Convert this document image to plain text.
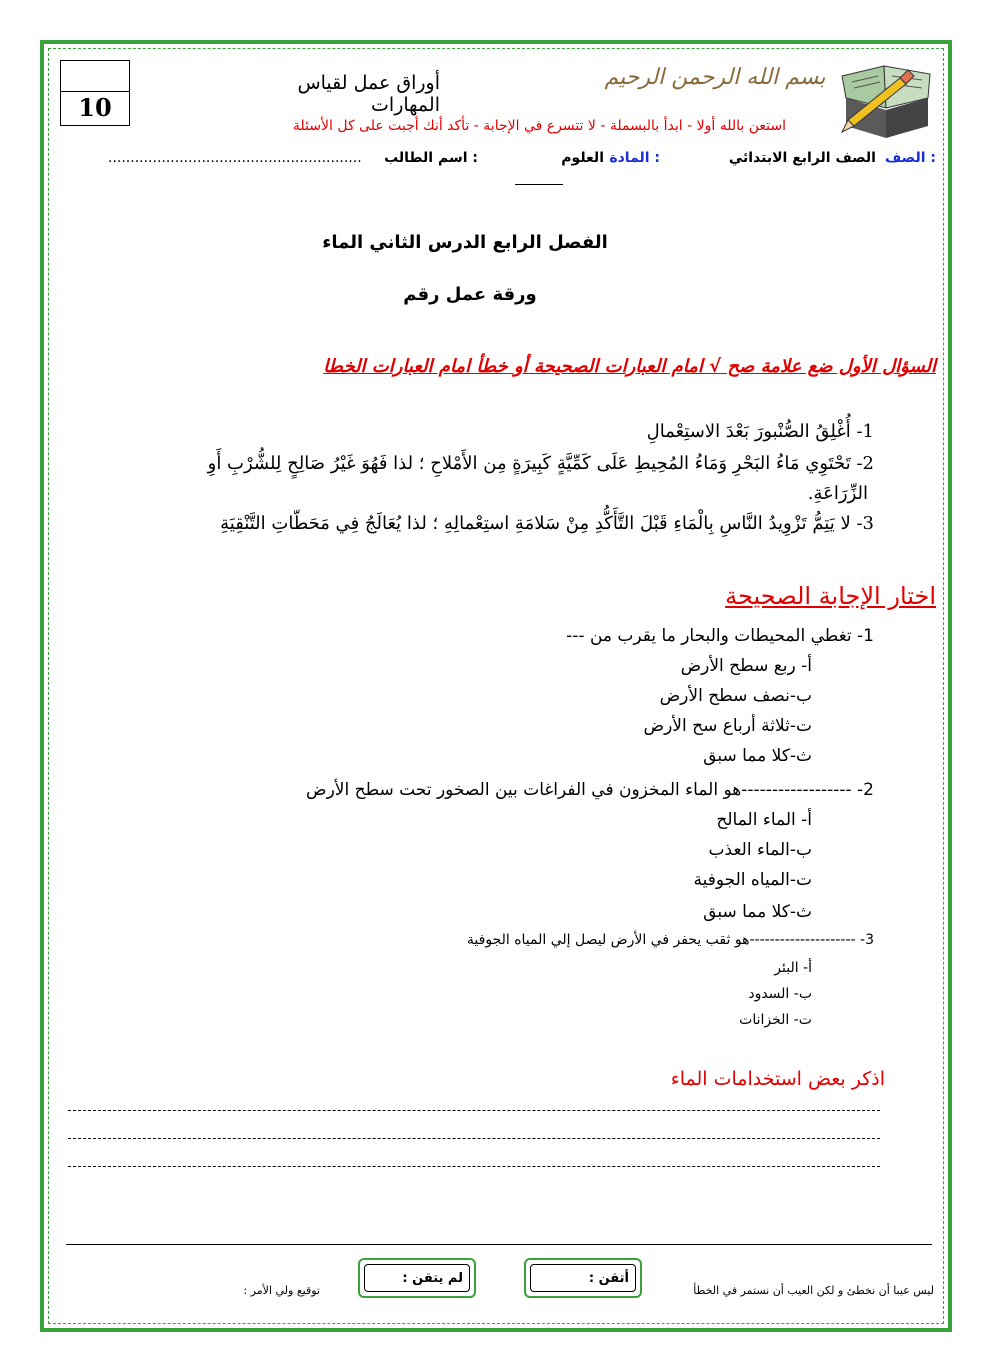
10
أوراق عمل لقياس المهارات
بسم الله الرحمن الرحيم
استعن بالله أولا - ابدأ بالبسملة - لا تتسرع في الإجابة - تأكد أنك أجبت على كل الأسئلة
الصف :
الصف الرابع الابتدائي
المادة :
العلوم
اسم الطالب :
.........................................................
الفصل الرابع الدرس الثاني الماء
ورقة عمل رقم
السؤال الأول ضع علامة صح √ امام العبارات الصحيحة أو خطأ امام العبارات الخطا
1- أُغْلِقُ الصُّنْبورَ بَعْدَ الاستِعْمالِ
2- تَحْتَوِي مَاءُ البَحْرِ وَمَاءُ المُحِيطِ عَلَى كَمِّيَّةٍ كَبِيرَةٍ مِن الأَمْلاحِ ؛ لذا فَهُوَ غَيْرُ صَالِحٍ لِلشُّرْبِ أَوِ
الزِّرَاعَةِ.
3- لا يَتِمُّ تَزْوِيدُ النَّاسِ بِالْمَاءِ قَبْلَ التَّأَكُّدِ مِنْ سَلامَةِ استِعْمالِهِ ؛ لذا يُعَالَجُ فِي مَحَطّاتِ التَّنْقِيَةِ
اختار الإجابة الصحيحة
1- تغطي المحيطات والبحار ما يقرب من ---
أ- ربع سطح الأرض
ب-نصف سطح الأرض
ت-ثلاثة أرباع سح الأرض
ث-كلا مما سبق
2- ------------------هو الماء المخزون في الفراغات بين الصخور تحت سطح الأرض
أ- الماء المالح
ب-الماء العذب
ت-المياه الجوفية
ث-كلا مما سبق
3- ---------------------هو ثقب يحفر في الأرض ليصل إلي المياه الجوفية
أ- البئر
ب- السدود
ت- الخزانات
اذكر بعض استخدامات الماء
ليس عيبا أن نخطئ و لكن العيب أن نستمر في الخطأ
أتقن :
لم يتقن :
توقيع ولي الأمر :
